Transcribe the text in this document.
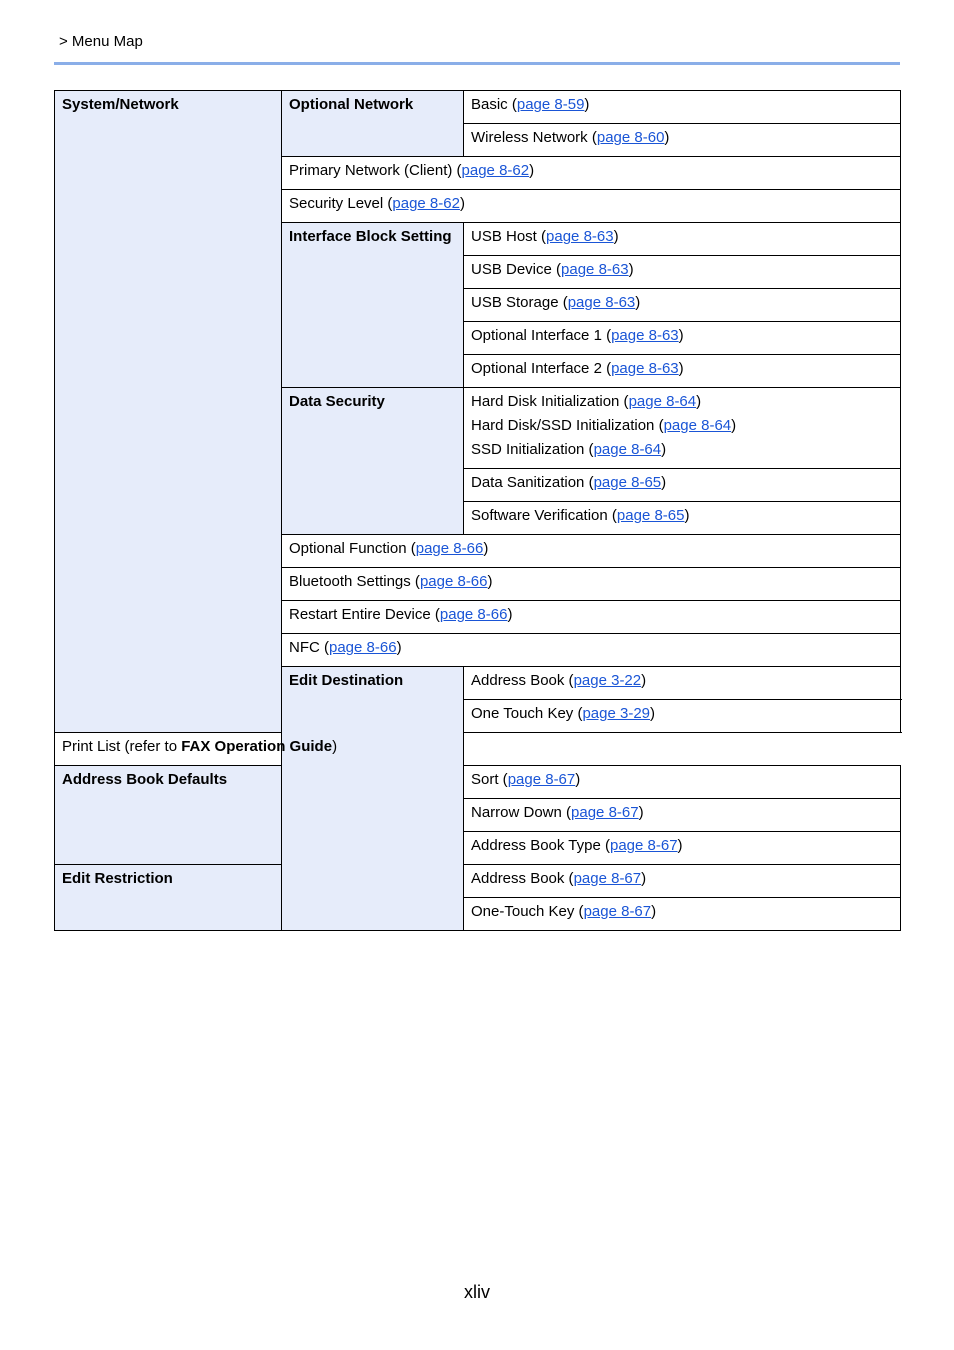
> Menu Map
System/Network	Optional Network	Basic (page 8-59)
		Wireless Network (page 8-60)
	Primary Network (Client) (page 8-62)	
	Security Level (page 8-62)	
	Interface Block Setting	USB Host (page 8-63)
		USB Device (page 8-63)
		USB Storage (page 8-63)
		Optional Interface 1 (page 8-63)
		Optional Interface 2 (page 8-63)
	Data Security	Hard Disk Initialization (page 8-64)
Hard Disk/SSD Initialization (page 8-64)
SSD Initialization (page 8-64)

		Data Sanitization (page 8-65)
		Software Verification (page 8-65)
	Optional Function (page 8-66)	
	Bluetooth Settings (page 8-66)	
	Restart Entire Device (page 8-66)	
	NFC (page 8-66)	
	Edit Destination	Address Book (page 3-22)
		One Touch Key (page 3-29)
Print List (refer to FAX Operation Guide)		
Address Book Defaults		Sort (page 8-67)
		Narrow Down (page 8-67)
		Address Book Type (page 8-67)
Edit Restriction		Address Book (page 8-67)
		One-Touch Key (page 8-67)
xliv
